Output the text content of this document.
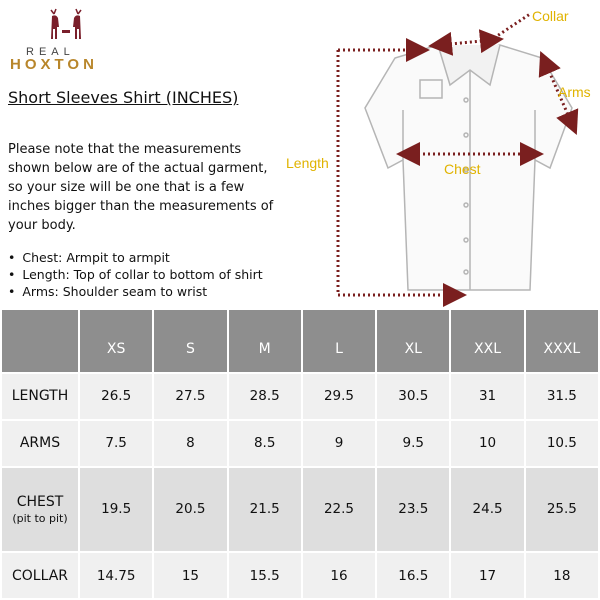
REAL
HOXTON
Short Sleeves Shirt (INCHES)
Please note that the measurements shown below are of the actual garment, so your size will be one that is a few inches bigger than the measurements of your body.
• Chest: Armpit to armpit
• Length: Top of collar to bottom of shirt
• Arms: Shoulder seam to wrist
Collar
Arms
Length	Chest
	XS	S	M	L	XL	XXL	XXXL
LENGTH	26.5	27.5	28.5	29.5	30.5	31	31.5
ARMS	7.5	8	8.5	9	9.5	10	10.5
CHEST
(pit to pit)	19.5	20.5	21.5	22.5	23.5	24.5	25.5
COLLAR	14.75	15	15.5	16	16.5	17	18
